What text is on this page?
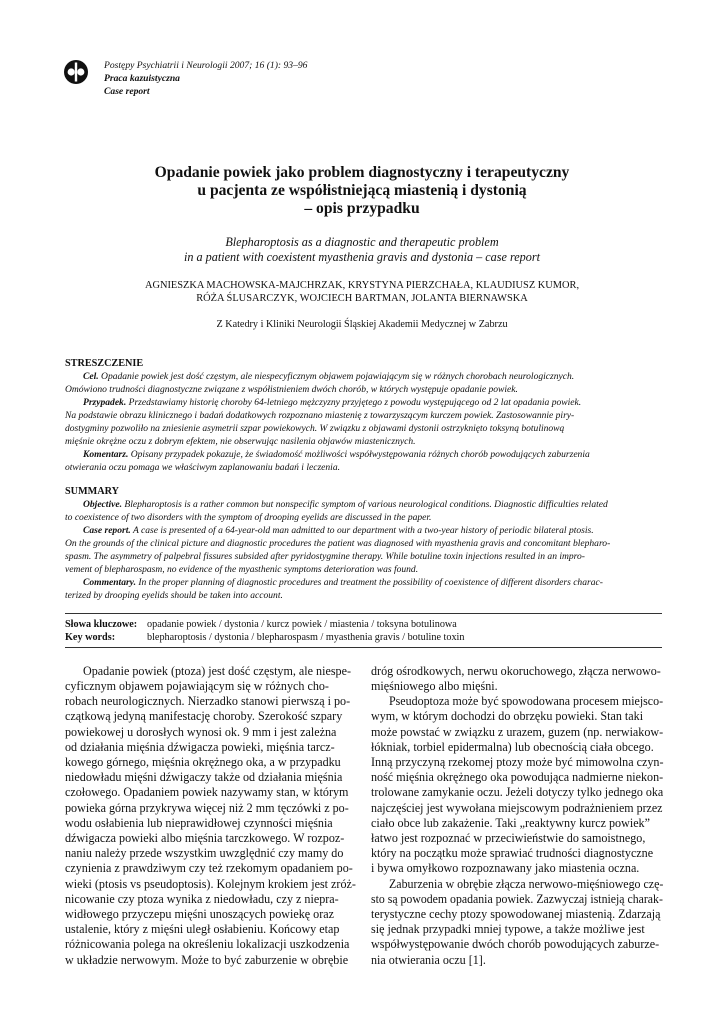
Postępy Psychiatrii i Neurologii 2007; 16 (1): 93–96
Praca kazuistyczna
Case report
Opadanie powiek jako problem diagnostyczny i terapeutyczny
u pacjenta ze współistniejącą miastenią i dystonią
– opis przypadku
Blepharoptosis as a diagnostic and therapeutic problem
in a patient with coexistent myasthenia gravis and dystonia – case report
AGNIESZKA MACHOWSKA-MAJCHRZAK, KRYSTYNA PIERZCHAŁA, KLAUDIUSZ KUMOR,
RÓŻA ŚLUSARCZYK, WOJCIECH BARTMAN, JOLANTA BIERNAWSKA
Z Katedry i Kliniki Neurologii Śląskiej Akademii Medycznej w Zabrzu
STRESZCZENIE
Cel. Opadanie powiek jest dość częstym, ale niespecyficznym objawem pojawiającym się w różnych chorobach neurologicznych.
Omówiono trudności diagnostyczne związane z współistnieniem dwóch chorób, w których występuje opadanie powiek.
Przypadek. Przedstawiamy historię choroby 64-letniego mężczyzny przyjętego z powodu występującego od 2 lat opadania powiek.
Na podstawie obrazu klinicznego i badań dodatkowych rozpoznano miastenię z towarzyszącym kurczem powiek. Zastosowannie piry-
dostygminy pozwoliło na zniesienie asymetrii szpar powiekowych. W związku z objawami dystonii ostrzyknięto toksyną botulinową
mięśnie okrężne oczu z dobrym efektem, nie obserwując nasilenia objawów miastenicznych.
Komentarz. Opisany przypadek pokazuje, że świadomość możliwości współwystępowania różnych chorób powodujących zaburzenia
otwierania oczu pomaga we właściwym zaplanowaniu badań i leczenia.
SUMMARY
Objective. Blepharoptosis is a rather common but nonspecific symptom of various neurological conditions. Diagnostic difficulties related
to coexistence of two disorders with the symptom of drooping eyelids are discussed in the paper.
Case report. A case is presented of a 64-year-old man admitted to our department with a two-year history of periodic bilateral ptosis.
On the grounds of the clinical picture and diagnostic procedures the patient was diagnosed with myasthenia gravis and concomitant blepharo-
spasm. The asymmetry of palpebral fissures subsided after pyridostygmine therapy. While botuline toxin injections resulted in an impro-
vement of blepharospasm, no evidence of the myasthenic symptoms deterioration was found.
Commentary. In the proper planning of diagnostic procedures and treatment the possibility of coexistence of different disorders charac-
terized by drooping eyelids should be taken into account.
Słowa kluczowe: opadanie powiek / dystonia / kurcz powiek / miastenia / toksyna botulinowa
Key words:	blepharoptosis / dystonia / blepharospasm / myasthenia gravis / botuline toxin
Opadanie powiek (ptoza) jest dość częstym, ale niespe-
cyficznym objawem pojawiającym się w różnych cho-
robach neurologicznych. Nierzadko stanowi pierwszą i po-
czątkową jedyną manifestację choroby. Szerokość szpary
powiekowej u dorosłych wynosi ok. 9 mm i jest zależna
od działania mięśnia dźwigacza powieki, mięśnia tarcz-
kowego górnego, mięśnia okrężnego oka, a w przypadku
niedowładu mięśni dźwigaczy także od działania mięśnia
czołowego. Opadaniem powiek nazywamy stan, w którym
powieka górna przykrywa więcej niż 2 mm tęczówki z po-
wodu osłabienia lub nieprawidłowej czynności mięśnia
dźwigacza powieki albo mięśnia tarczkowego. W rozpoz-
naniu należy przede wszystkim uwzględnić czy mamy do
czynienia z prawdziwym czy też rzekomym opadaniem po-
wieki (ptosis vs pseudoptosis). Kolejnym krokiem jest zróż-
nicowanie czy ptoza wynika z niedowładu, czy z niepra-
widłowego przyczepu mięśni unoszących powiekę oraz
ustalenie, który z mięśni uległ osłabieniu. Końcowy etap
różnicowania polega na określeniu lokalizacji uszkodzenia
w układzie nerwowym. Może to być zaburzenie w obrębie
dróg ośrodkowych, nerwu okoruchowego, złącza nerwowo-
mięśniowego albo mięśni.
Pseudoptoza może być spowodowana procesem miejsco-
wym, w którym dochodzi do obrzęku powieki. Stan taki
może powstać w związku z urazem, guzem (np. nerwiakow-
łókniak, torbiel epidermalna) lub obecnością ciała obcego.
Inną przyczyną rzekomej ptozy może być mimowolna czyn-
ność mięśnia okrężnego oka powodująca nadmierne niekon-
trolowane zamykanie oczu. Jeżeli dotyczy tylko jednego oka
najczęściej jest wywołana miejscowym podrażnieniem przez
ciało obce lub zakażenie. Taki „reaktywny kurcz powiek”
łatwo jest rozpoznać w przeciwieństwie do samoistnego,
który na początku może sprawiać trudności diagnostyczne
i bywa omyłkowo rozpoznawany jako miastenia oczna.
Zaburzenia w obrębie złącza nerwowo-mięśniowego czę-
sto są powodem opadania powiek. Zazwyczaj istnieją charak-
terystyczne cechy ptozy spowodowanej miastenią. Zdarzają
się jednak przypadki mniej typowe, a także możliwe jest
współwystępowanie dwóch chorób powodujących zaburze-
nia otwierania oczu [1].
